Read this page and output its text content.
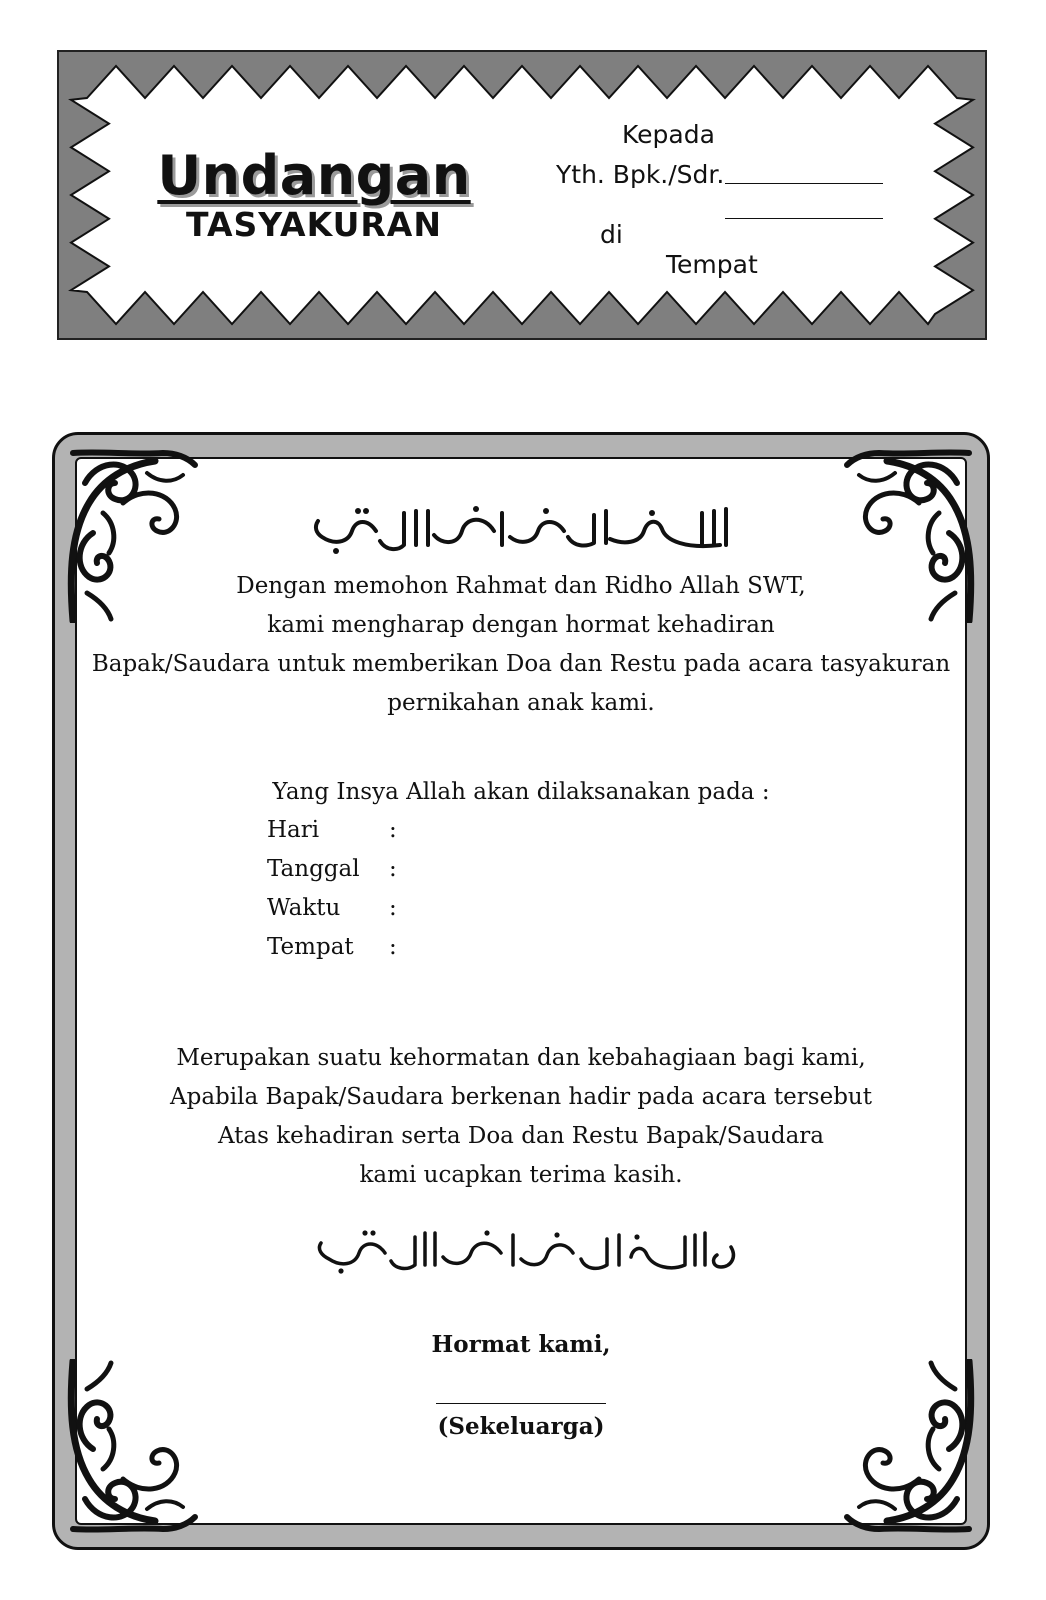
Undangan
TASYAKURAN
Kepada
Yth. Bpk./Sdr.
di
Tempat
Dengan memohon Rahmat dan Ridho Allah SWT,
kami mengharap dengan hormat kehadiran
Bapak/Saudara untuk memberikan Doa dan Restu pada acara tasyakuran
pernikahan anak kami.
Yang Insya Allah akan dilaksanakan pada :
Hari	:
Tanggal :
Waktu :
Tempat :
Merupakan suatu kehormatan dan kebahagiaan bagi kami,
Apabila Bapak/Saudara berkenan hadir pada acara tersebut
Atas kehadiran serta Doa dan Restu Bapak/Saudara
kami ucapkan terima kasih.
Hormat kami,
(Sekeluarga)
